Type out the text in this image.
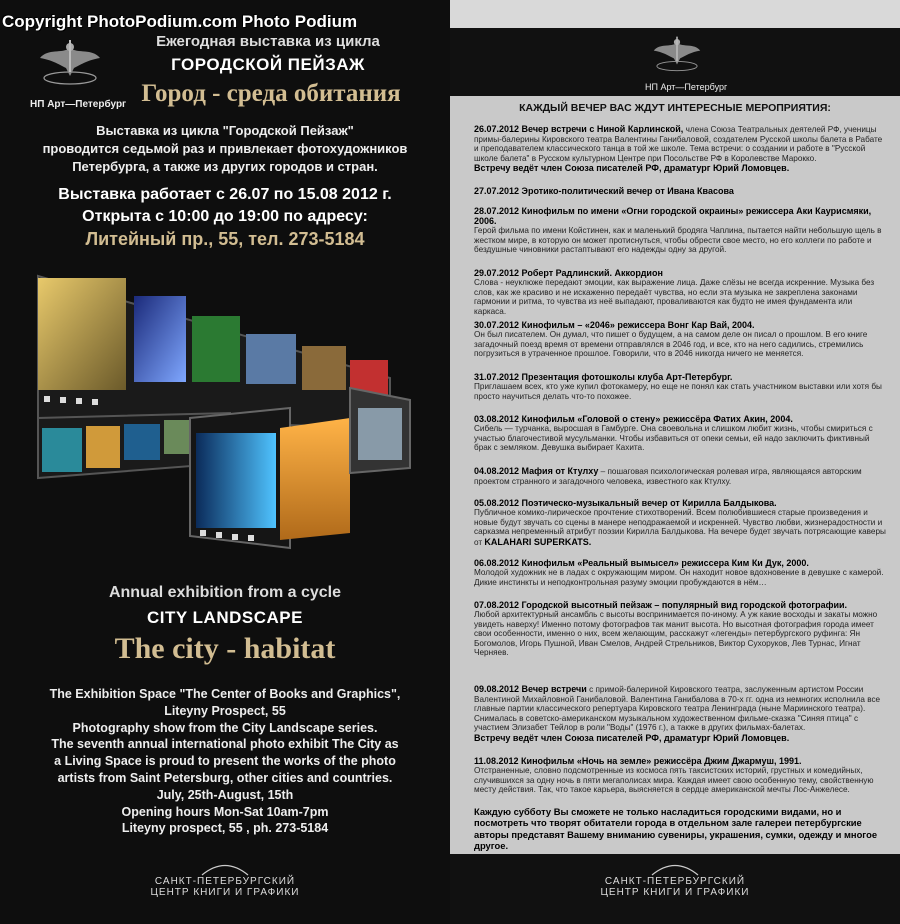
Copyright PhotoPodium.com Photo Podium
НП Арт—Петербург
Ежегодная выставка из цикла
ГОРОДСКОЙ ПЕЙЗАЖ
Город - среда обитания
Выставка из цикла "Городской Пейзаж"
проводится седьмой раз и привлекает фотохудожников
Петербурга, а также из других городов и стран.
Выставка работает с 26.07 по 15.08 2012 г.
Открыта с 10:00 до 19:00 по адресу:
Литейный пр., 55, тел. 273-5184
Annual exhibition from a cycle
CITY LANDSCAPE
The city - habitat
The Exhibition Space "The Center of Books and Graphics",
Liteyny Prospect, 55
Photography show from the City Landscape series.
The seventh annual international photo exhibit The City as
a Living Space is proud to present the works of the photo
artists from Saint Petersburg, other cities and countries.
July, 25th-August, 15th
Opening hours Mon-Sat 10am-7pm
Liteyny prospect, 55 , ph. 273-5184
САНКТ-ПЕТЕРБУРГСКИЙ
ЦЕНТР КНИГИ И ГРАФИКИ
НП Арт—Петербург
КАЖДЫЙ ВЕЧЕР ВАС ЖДУТ ИНТЕРЕСНЫЕ МЕРОПРИЯТИЯ:
26.07.2012 Вечер встречи с Ниной Карлинской, члена Союза Театральных деятелей РФ, ученицы примы-балерины Кировского театра Валентины Ганибаловой, создателем Русской школы балета в Рабате и преподавателем классического танца в той же школе. Тема встречи: о создании и работе в "Русской школе балета" в Русском культурном Центре при Посольстве РФ в Королевстве Марокко.
Встречу ведёт член Союза писателей РФ, драматург Юрий Ломовцев.
27.07.2012 Эротико-политический вечер от Ивана Квасова
28.07.2012 Кинофильм по имени «Огни городской окраины» режиссера Аки Каурисмяки, 2006.
Герой фильма по имени Койстинен, как и маленький бродяга Чаплина, пытается найти небольшую щель в жестком мире, в которую он может протиснуться, чтобы обрести свое место, но его коллеги по работе и бездушные чиновники растаптывают его надежды одну за другой.
29.07.2012 Роберт Радлинский. Аккордион
Слова - неуклюже передают эмоции, как выражение лица. Даже слёзы не всегда искренние. Музыка без слов, как же красиво и не искаженно передаёт чувства, но если эта музыка не закреплена законами гармонии и ритма, то чувства из неё выпадают, проваливаются как будто не имея фундамента или каркаса.
30.07.2012 Кинофильм – «2046» режиссера Вонг Кар Вай, 2004.
Он был писателем. Он думал, что пишет о будущем, а на самом деле он писал о прошлом. В его книге загадочный поезд время от времени отправлялся в 2046 год, и все, кто на него садились, стремились погрузиться в утраченное прошлое. Говорили, что в 2046 никогда ничего не меняется.
31.07.2012 Презентация фотошколы клуба Арт-Петербург.
Приглашаем всех, кто уже купил фотокамеру, но еще не понял как стать участником выставки или хотя бы просто научиться делать что-то похожее.
03.08.2012 Кинофильм «Головой о стену» режиссёра Фатих Акин, 2004.
Сибель — турчанка, выросшая в Гамбурге. Она своевольна и слишком любит жизнь, чтобы смириться с участью благочестивой мусульманки. Чтобы избавиться от опеки семьи, ей надо заключить фиктивный брак с земляком. Девушка выбирает Кахита.
04.08.2012 Мафия от Ктулху – пошаговая психологическая ролевая игра, являющаяся авторским проектом странного и загадочного человека, известного как Ктулху.
05.08.2012 Поэтическо-музыкальный вечер от Кирилла Балдыкова.
Публичное комико-лирическое прочтение стихотворений. Всем полюбившиеся старые произведения и новые будут звучать со сцены в манере неподражаемой и искренней. Чувство любви, жизнерадостности и сарказма непременный атрибут поэзии Кирилла Балдыкова. На вечере будет звучать потрясающие каверы от KALAHARI SUPERKATS.
06.08.2012 Кинофильм «Реальный вымысел» режиссера Ким Ки Дук, 2000.
Молодой художник не в ладах с окружающим миром. Он находит новое вдохновение в девушке с камерой. Дикие инстинкты и неподконтрольная разуму эмоции пробуждаются в нём…
07.08.2012 Городской высотный пейзаж – популярный вид городской фотографии.
Любой архитектурный ансамбль с высоты воспринимается по-иному. А уж какие восходы и закаты можно увидеть наверху! Именно потому фотографов так манит высота. Но высотная фотография города имеет свои особенности, именно о них, всем желающим, расскажут «легенды» петербургского руфинга: Ян Богомолов, Игорь Пушной, Иван Смелов, Андрей Стрельников, Виктор Сухоруков, Лев Турнас, Игнат Черняев.
09.08.2012 Вечер встречи с примой-балериной Кировского театра, заслуженным артистом России Валентиной Михайловной Ганибаловой. Валентина Ганибалова в 70-х гг. одна из немногих исполнила все главные партии классического репертуара Кировского театра Ленинграда (ныне Мариинского театра). Снималась в советско-американском музыкальном художественном фильме-сказка "Синяя птица" с участием Элизабет Тейлор в роли "Воды" (1976 г.), а также в других фильмах-балетах.
Встречу ведёт член Союза писателей РФ, драматург Юрий Ломовцев.
11.08.2012 Кинофильм «Ночь на земле» режиссёра Джим Джармуш, 1991.
Отстраненные, словно подсмотренные из космоса пять таксистских историй, грустных и комедийных, случившихся за одну ночь в пяти мегаполисах мира. Каждая имеет свою особенную тему, свойственную месту действия. Так, что такое карьера, выясняется в сердце американской мечты Лос-Анжелесе.
Каждую субботу Вы сможете не только насладиться городскими видами, но и посмотреть что творят обитатели города в отдельном зале галереи петербургские авторы представят Вашему вниманию сувениры, украшения, сумки, одежду и многое другое.
САНКТ-ПЕТЕРБУРГСКИЙ
ЦЕНТР КНИГИ И ГРАФИКИ
